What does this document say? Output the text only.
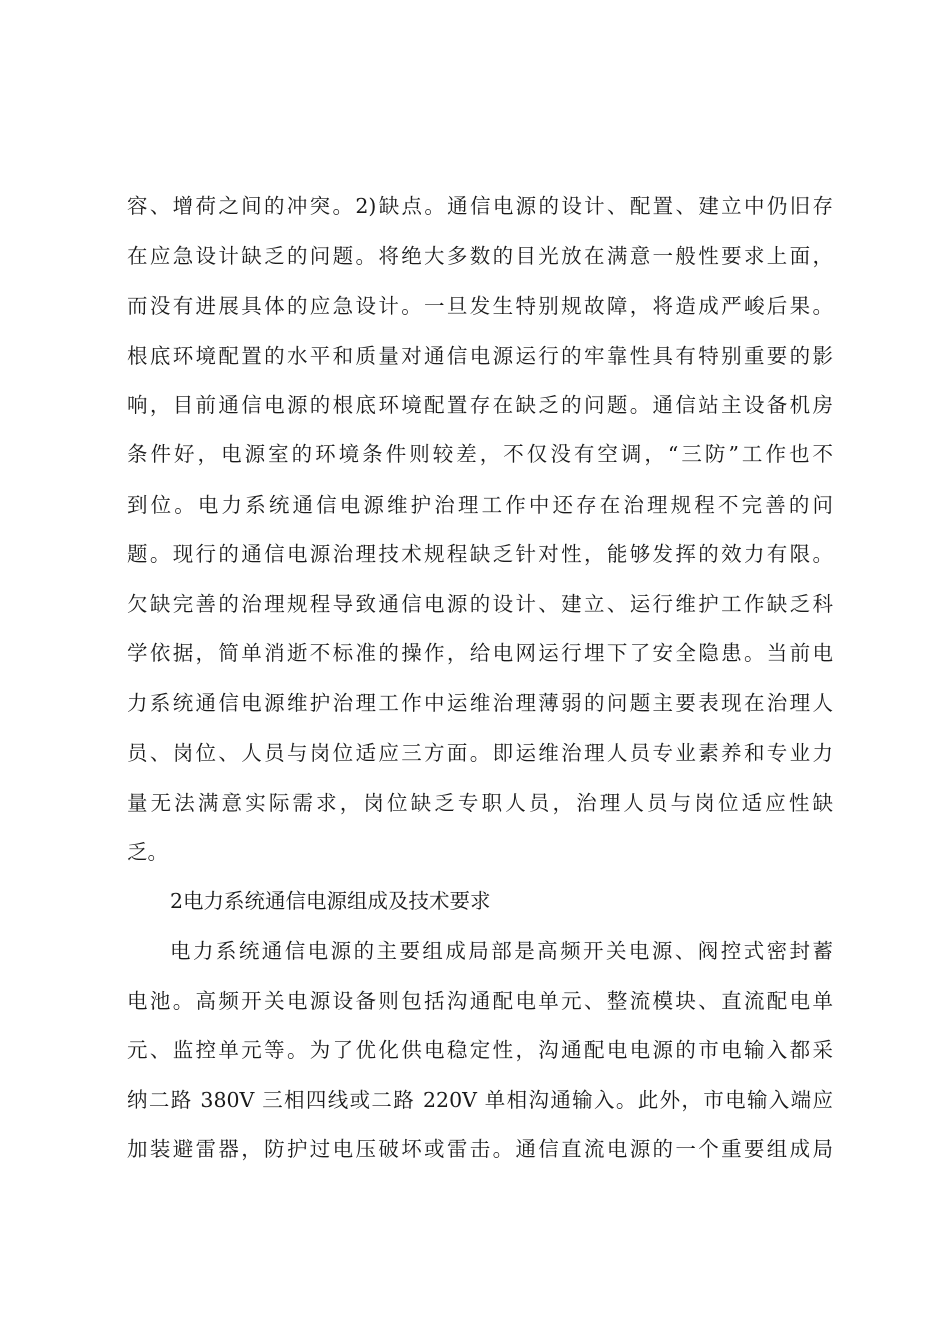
容、增荷之间的冲突。2)缺点。通信电源的设计、配置、建立中仍旧存
在应急设计缺乏的问题。将绝大多数的目光放在满意一般性要求上面，
而没有进展具体的应急设计。一旦发生特别规故障，将造成严峻后果。
根底环境配置的水平和质量对通信电源运行的牢靠性具有特别重要的影
响，目前通信电源的根底环境配置存在缺乏的问题。通信站主设备机房
条件好，电源室的环境条件则较差，不仅没有空调，“三防”工作也不
到位。电力系统通信电源维护治理工作中还存在治理规程不完善的问
题。现行的通信电源治理技术规程缺乏针对性，能够发挥的效力有限。
欠缺完善的治理规程导致通信电源的设计、建立、运行维护工作缺乏科
学依据，简单消逝不标准的操作，给电网运行埋下了安全隐患。当前电
力系统通信电源维护治理工作中运维治理薄弱的问题主要表现在治理人
员、岗位、人员与岗位适应三方面。即运维治理人员专业素养和专业力
量无法满意实际需求，岗位缺乏专职人员，治理人员与岗位适应性缺
乏。
2电力系统通信电源组成及技术要求
电力系统通信电源的主要组成局部是高频开关电源、阀控式密封蓄
电池。高频开关电源设备则包括沟通配电单元、整流模块、直流配电单
元、监控单元等。为了优化供电稳定性，沟通配电电源的市电输入都采
纳二路 380V 三相四线或二路 220V 单相沟通输入。此外，市电输入端应
加装避雷器，防护过电压破坏或雷击。通信直流电源的一个重要组成局
